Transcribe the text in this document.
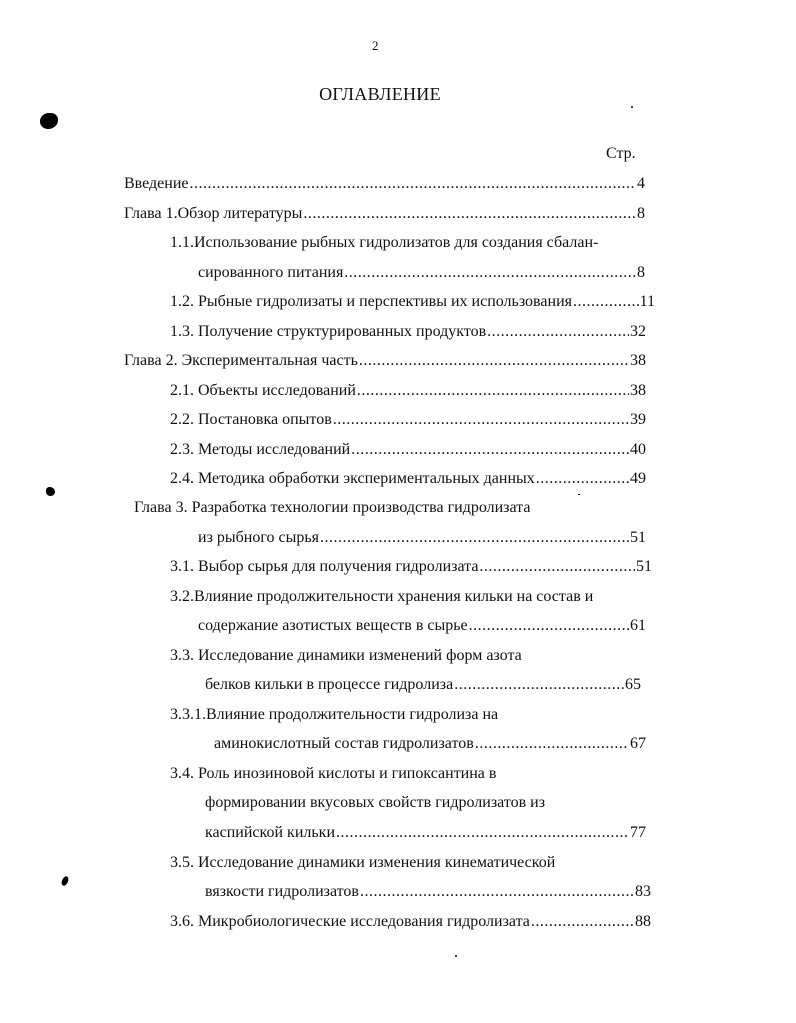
2
ОГЛАВЛЕНИЕ
Стр.
Введение .....	4
Глава 1.Обзор литературы .....	8
1.1.Использование рыбных гидролизатов для создания сбалан-
сированного питания .....	8
1.2. Рыбные гидролизаты и перспективы их использования .....	11
1.3. Получение структурированных продуктов .....	32
Глава 2. Экспериментальная часть .....	38
2.1. Объекты исследований .....	38
2.2. Постановка опытов .....	39
2.3. Методы исследований .....	40
2.4. Методика обработки экспериментальных данных .....	49
Глава 3. Разработка технологии производства гидролизата
из рыбного сырья .....	51
3.1. Выбор сырья для получения гидролизата .....	51
3.2.Влияние продолжительности хранения кильки на состав и
содержание азотистых веществ в сырье .....	61
3.3. Исследование динамики изменений форм азота
белков кильки в процессе гидролиза .....	65
3.3.1.Влияние продолжительности гидролиза на
аминокислотный состав гидролизатов .....	67
3.4. Роль инозиновой кислоты и гипоксантина в
формировании вкусовых свойств гидролизатов из
каспийской кильки .....	77
3.5. Исследование динамики изменения кинематической
вязкости гидролизатов .....	83
3.6. Микробиологические исследования гидролизата .....	88
